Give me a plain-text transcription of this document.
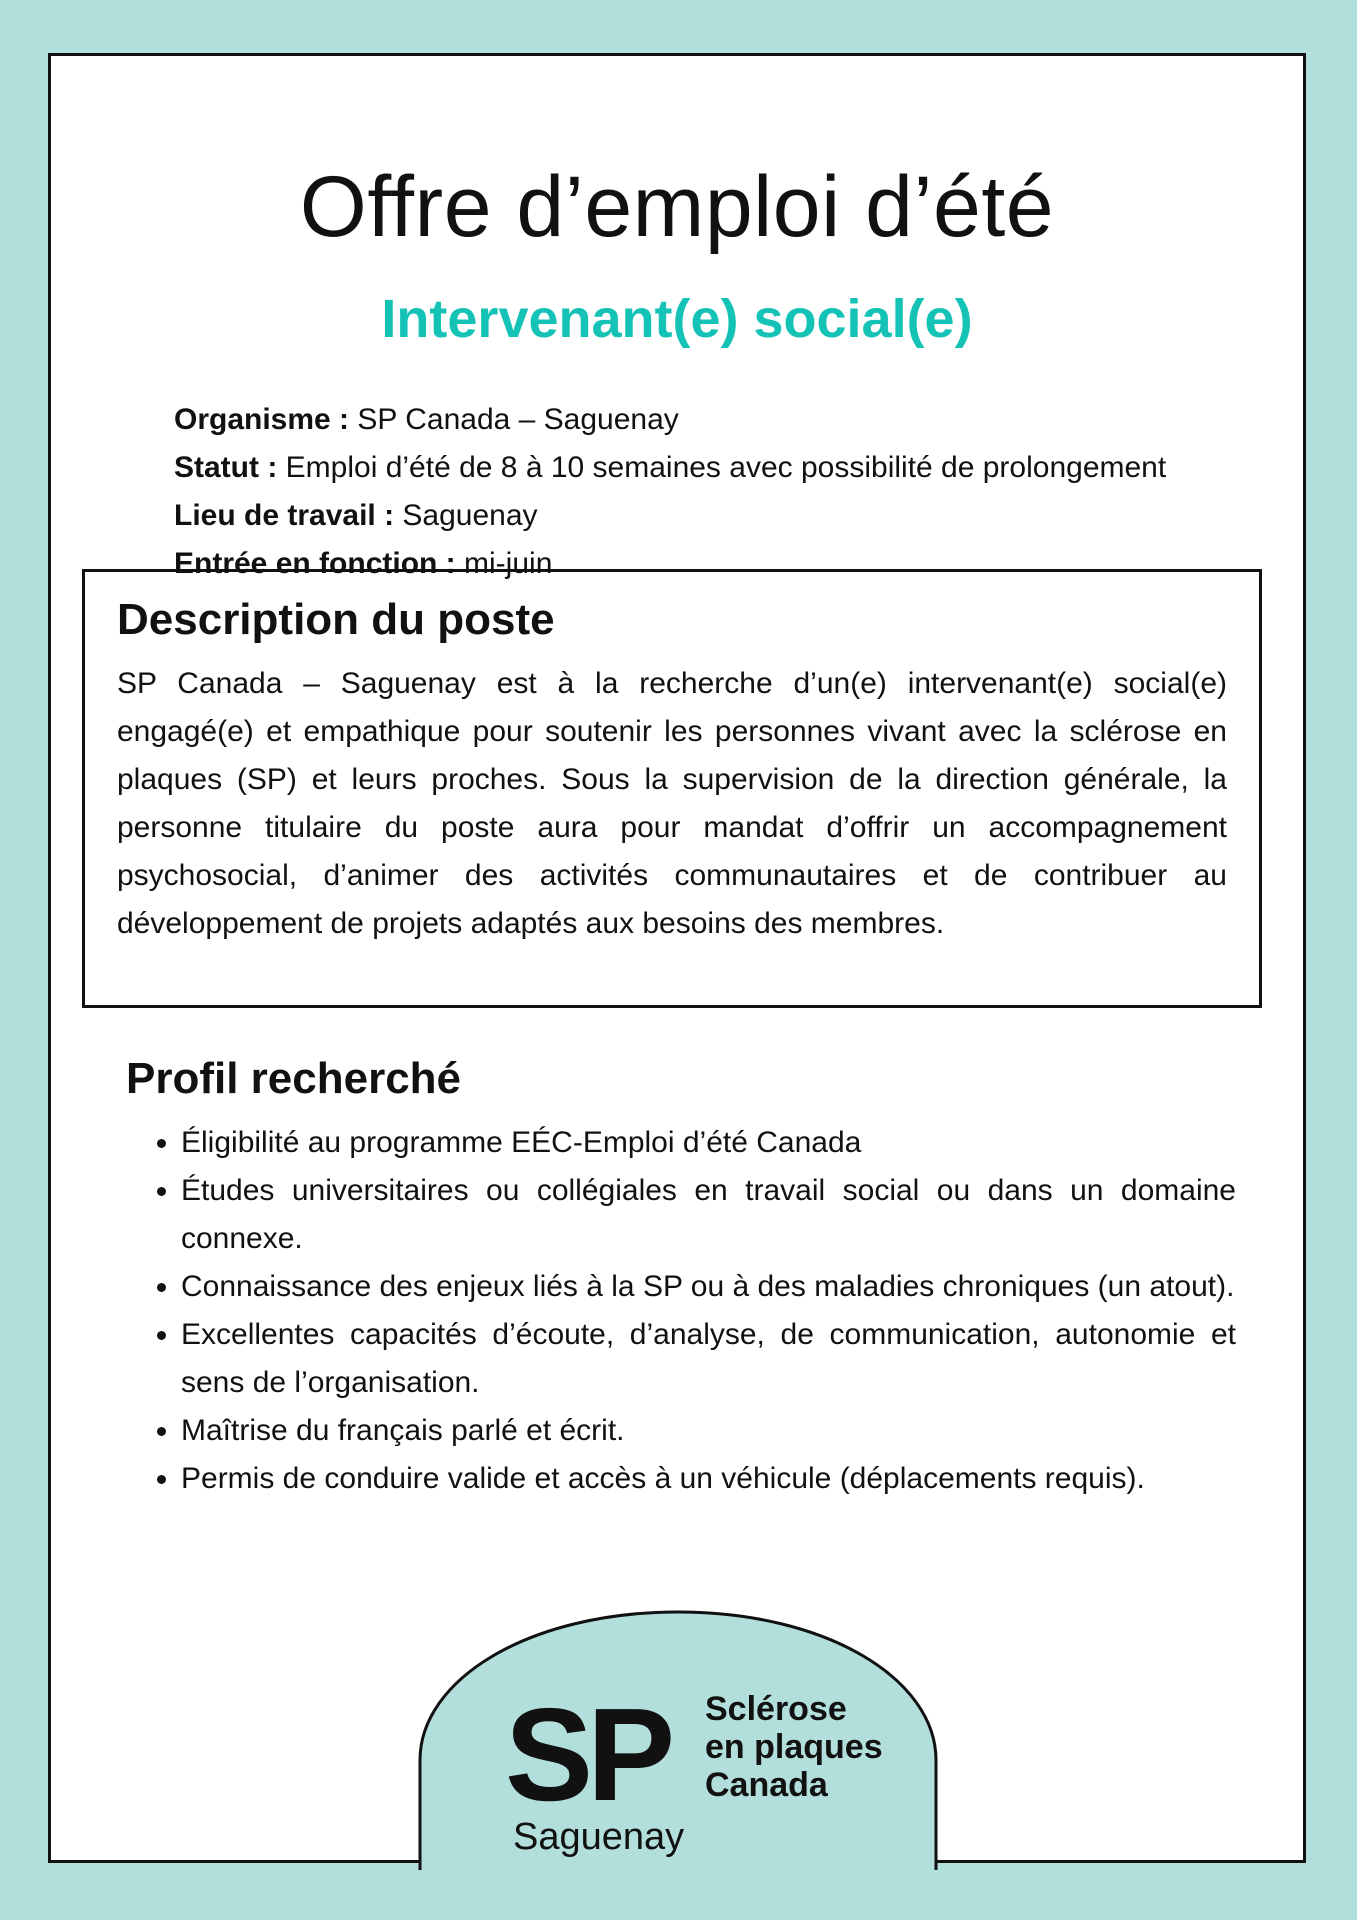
Offre d’emploi d’été
Intervenant(e) social(e)
Organisme : SP Canada – Saguenay
Statut : Emploi d’été de 8 à 10 semaines avec possibilité de prolongement
Lieu de travail : Saguenay
Entrée en fonction : mi-juin
Description du poste

SP Canada – Saguenay est à la recherche d’un(e) intervenant(e) social(e) engagé(e) et empathique pour soutenir les personnes vivant avec la sclérose en plaques (SP) et leurs proches. Sous la supervision de la direction générale, la personne titulaire du poste aura pour mandat d’offrir un accompagnement psychosocial, d’animer des activités communautaires et de contribuer au développement de projets adaptés aux besoins des membres.

Profil recherché
• Éligibilité au programme EÉC-Emploi d’été Canada
• Études universitaires ou collégiales en travail social ou dans un domaine connexe.
• Connaissance des enjeux liés à la SP ou à des maladies chroniques (un atout).
• Excellentes capacités d’écoute, d’analyse, de communication, autonomie et sens de l’organisation.
• Maîtrise du français parlé et écrit.
• Permis de conduire valide et accès à un véhicule (déplacements requis).
SP Sclérose
en plaques
Canada
Saguenay
